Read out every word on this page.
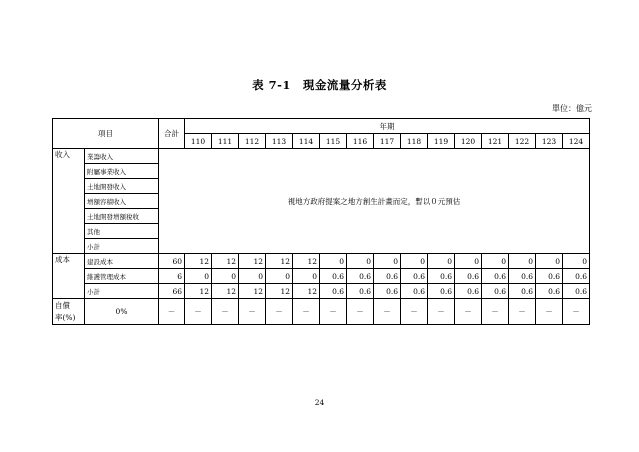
表 7-1　現金流量分析表
單位：億元
項目		合計	年期														
			110	111	112	113	114	115	116	117	118	119	120	121	122	123	124
收入	業籌收入	視地方政府提案之地方創生計畫而定，暫以０元預估															
	附屬事業收入																
	土地開發收入																
	增額容積收入																
	土地開發增額稅收																
	其他																
	小計																
成本	建設成本	60	12	12	12	12	12	0	0	0	0	0	0	0	0	0	0
	維護管理成本	6	0	0	0	0	0	0.6	0.6	0.6	0.6	0.6	0.6	0.6	0.6	0.6	0.6
	小計	66	12	12	12	12	12	0.6	0.6	0.6	0.6	0.6	0.6	0.6	0.6	0.6	0.6
自償
率(%)	0%	－	－	－	－	－	－	－	－	－	－	－	－	－	－	－	－
24
